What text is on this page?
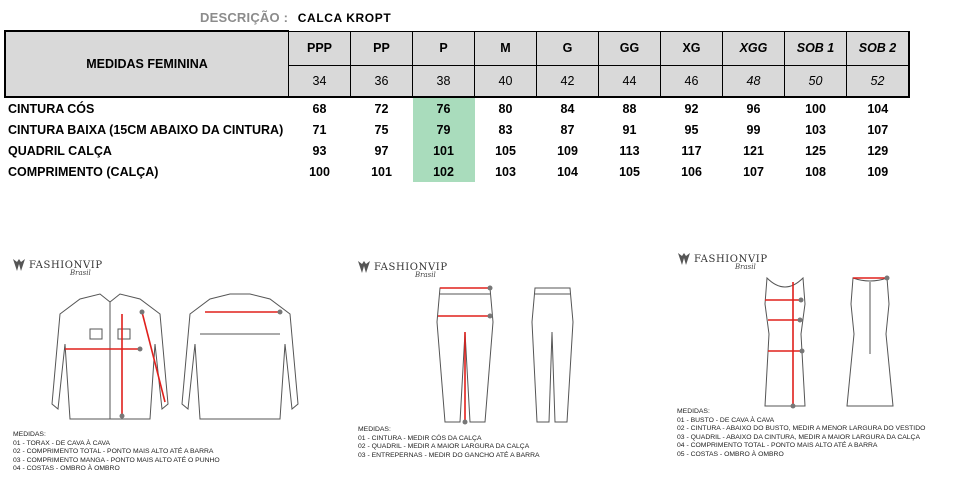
DESCRIÇÃO : CALCA KROPT
MEDIDAS FEMININA	PPP	PP	P	M	G	GG	XG	XGG	SOB 1	SOB 2
	34	36	38	40	42	44	46	48	50	52
CINTURA CÓS	68	72	76	80	84	88	92	96	100	104
CINTURA BAIXA (15CM ABAIXO DA CINTURA)	71	75	79	83	87	91	95	99	103	107
QUADRIL CALÇA	93	97	101	105	109	113	117	121	125	129
COMPRIMENTO (CALÇA)	100	101	102	103	104	105	106	107	108	109
FASHIONVIP
Brasil
MEDIDAS:
01 - TORAX - DE CAVA À CAVA
02 - COMPRIMENTO TOTAL - PONTO MAIS ALTO ATÉ A BARRA
03 - COMPRIMENTO MANGA - PONTO MAIS ALTO ATÉ O PUNHO
04 - COSTAS - OMBRO À OMBRO
FASHIONVIP
Brasil
MEDIDAS:
01 - CINTURA - MEDIR CÓS DA CALÇA
02 - QUADRIL - MEDIR A MAIOR LARGURA DA CALÇA
03 - ENTREPERNAS - MEDIR DO GANCHO ATÉ A BARRA
FASHIONVIP
Brasil
MEDIDAS:
01 - BUSTO - DE CAVA À CAVA
02 - CINTURA - ABAIXO DO BUSTO, MEDIR A MENOR LARGURA DO VESTIDO
03 - QUADRIL - ABAIXO DA CINTURA, MEDIR A MAIOR LARGURA DA CALÇA
04 - COMPRIMENTO TOTAL - PONTO MAIS ALTO ATÉ A BARRA
05 - COSTAS - OMBRO À OMBRO
